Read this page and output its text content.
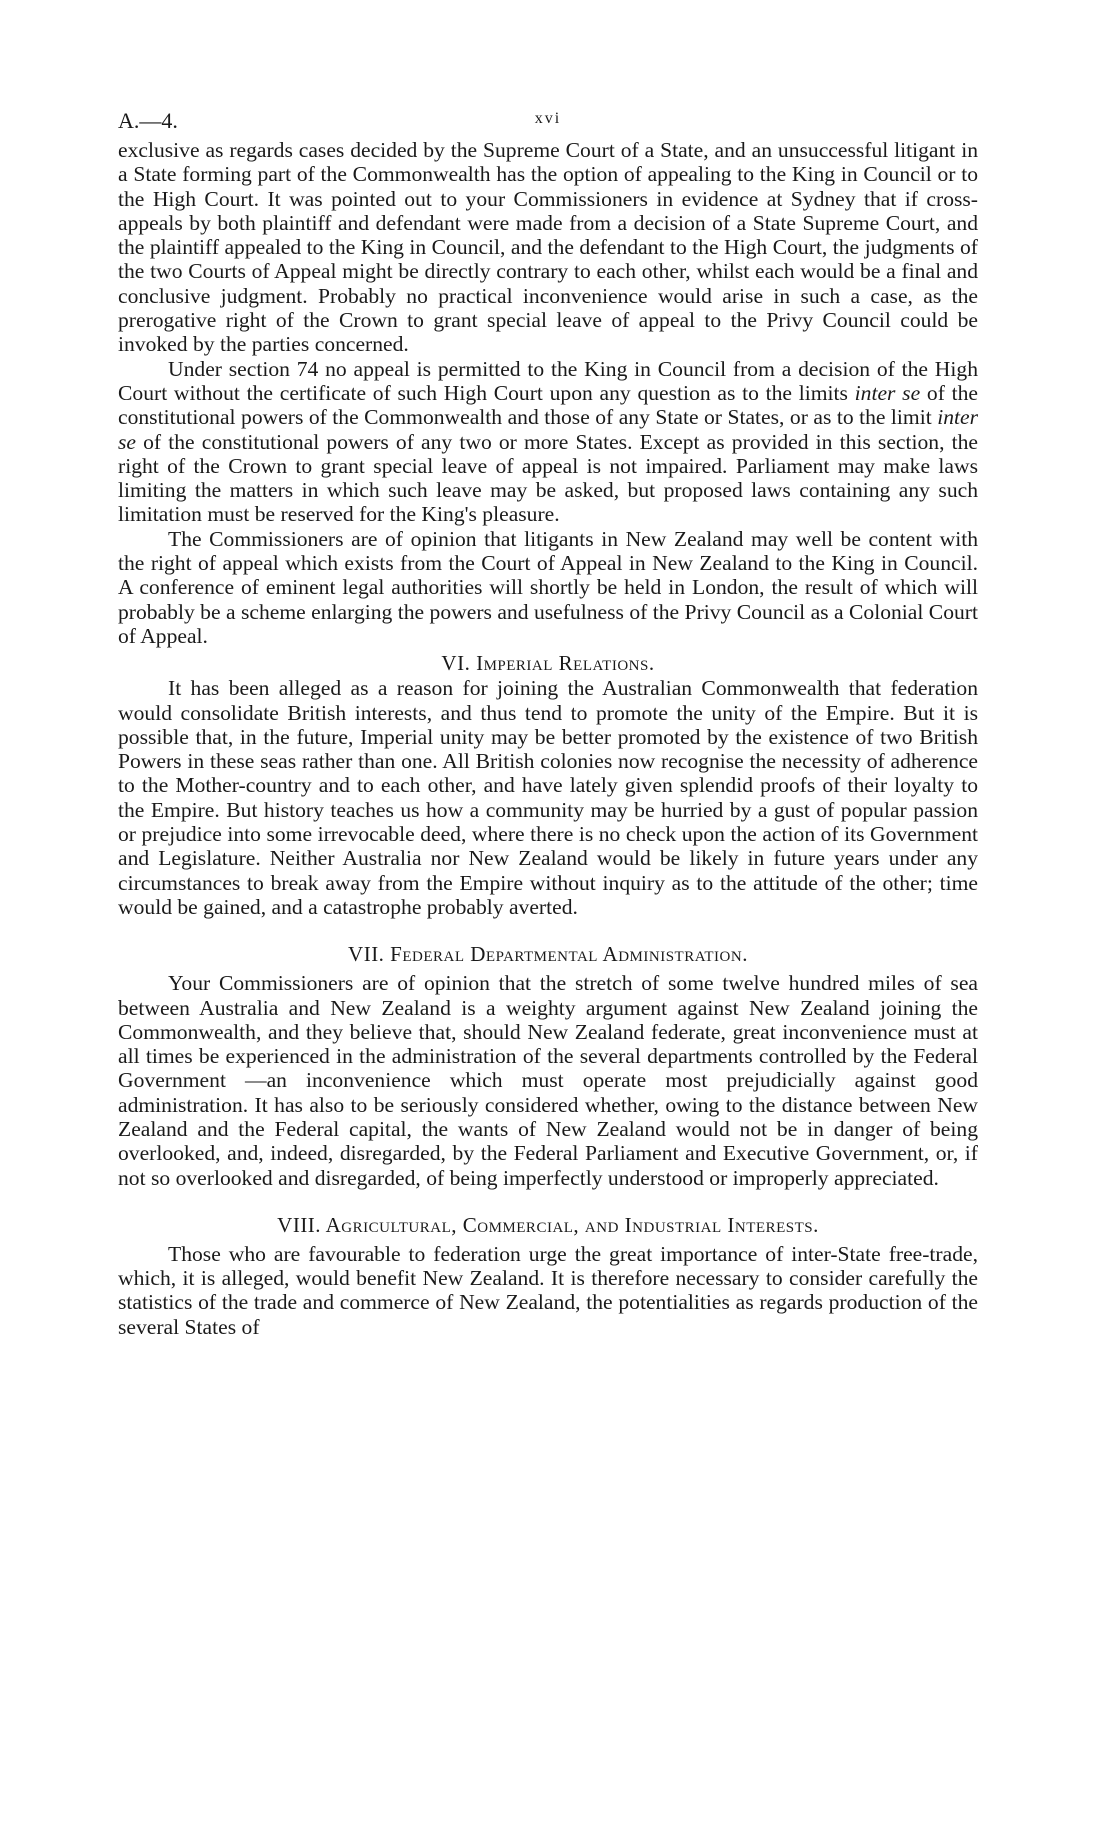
A.—4.	xvi

exclusive as regards cases decided by the Supreme Court of a State, and an unsuccessful litigant in a State forming part of the Commonwealth has the option of appealing to the King in Council or to the High Court. It was pointed out to your Commissioners in evidence at Sydney that if cross-appeals by both plaintiff and defendant were made from a decision of a State Supreme Court, and the plaintiff appealed to the King in Council, and the defendant to the High Court, the judgments of the two Courts of Appeal might be directly contrary to each other, whilst each would be a final and conclusive judgment. Probably no practical inconvenience would arise in such a case, as the prerogative right of the Crown to grant special leave of appeal to the Privy Council could be invoked by the parties concerned.

Under section 74 no appeal is permitted to the King in Council from a decision of the High Court without the certificate of such High Court upon any question as to the limits inter se of the constitutional powers of the Commonwealth and those of any State or States, or as to the limit inter se of the constitutional powers of any two or more States. Except as provided in this section, the right of the Crown to grant special leave of appeal is not impaired. Parliament may make laws limiting the matters in which such leave may be asked, but proposed laws containing any such limitation must be reserved for the King's pleasure.

The Commissioners are of opinion that litigants in New Zealand may well be content with the right of appeal which exists from the Court of Appeal in New Zealand to the King in Council. A conference of eminent legal authorities will shortly be held in London, the result of which will probably be a scheme enlarging the powers and usefulness of the Privy Council as a Colonial Court of Appeal.

VI. Imperial Relations.

It has been alleged as a reason for joining the Australian Commonwealth that federation would consolidate British interests, and thus tend to promote the unity of the Empire. But it is possible that, in the future, Imperial unity may be better promoted by the existence of two British Powers in these seas rather than one. All British colonies now recognise the necessity of adherence to the Mother-country and to each other, and have lately given splendid proofs of their loyalty to the Empire. But history teaches us how a community may be hurried by a gust of popular passion or prejudice into some irrevocable deed, where there is no check upon the action of its Government and Legislature. Neither Australia nor New Zealand would be likely in future years under any circumstances to break away from the Empire without inquiry as to the attitude of the other; time would be gained, and a catastrophe probably averted.

VII. Federal Departmental Administration.

Your Commissioners are of opinion that the stretch of some twelve hundred miles of sea between Australia and New Zealand is a weighty argument against New Zealand joining the Commonwealth, and they believe that, should New Zealand federate, great inconvenience must at all times be experienced in the administration of the several departments controlled by the Federal Government —an inconvenience which must operate most prejudicially against good administration. It has also to be seriously considered whether, owing to the distance between New Zealand and the Federal capital, the wants of New Zealand would not be in danger of being overlooked, and, indeed, disregarded, by the Federal Parliament and Executive Government, or, if not so overlooked and disregarded, of being imperfectly understood or improperly appreciated.

VIII. Agricultural, Commercial, and Industrial Interests.

Those who are favourable to federation urge the great importance of inter-State free-trade, which, it is alleged, would benefit New Zealand. It is therefore necessary to consider carefully the statistics of the trade and commerce of New Zealand, the potentialities as regards production of the several States of
